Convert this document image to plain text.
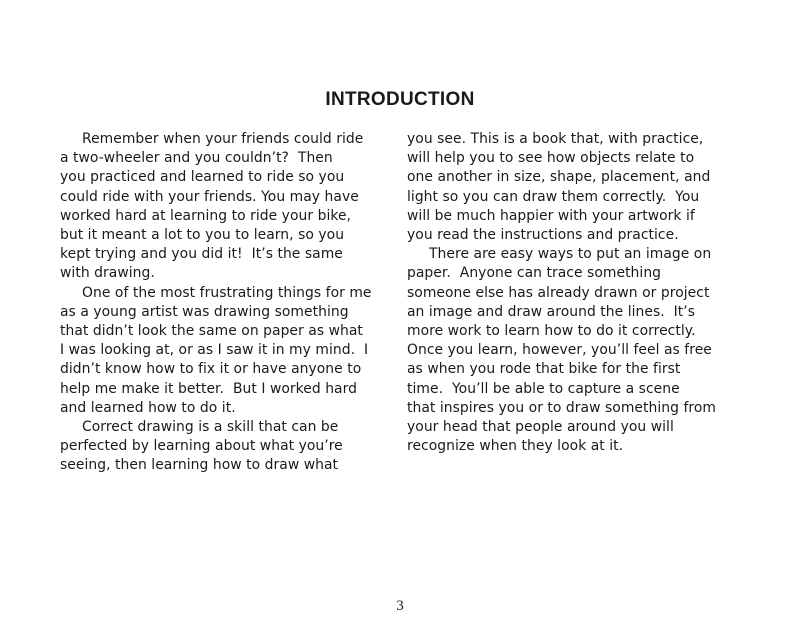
INTRODUCTION
Remember when your friends could ride
a two-wheeler and you couldn’t?  Then
you practiced and learned to ride so you
could ride with your friends. You may have
worked hard at learning to ride your bike,
but it meant a lot to you to learn, so you
kept trying and you did it!  It’s the same
with drawing.
One of the most frustrating things for me
as a young artist was drawing something
that didn’t look the same on paper as what
I was looking at, or as I saw it in my mind.  I
didn’t know how to fix it or have anyone to
help me make it better.  But I worked hard
and learned how to do it.
Correct drawing is a skill that can be
perfected by learning about what you’re
seeing, then learning how to draw what
you see. This is a book that, with practice,
will help you to see how objects relate to
one another in size, shape, placement, and
light so you can draw them correctly.  You
will be much happier with your artwork if
you read the instructions and practice.
There are easy ways to put an image on
paper.  Anyone can trace something
someone else has already drawn or project
an image and draw around the lines.  It’s
more work to learn how to do it correctly.
Once you learn, however, you’ll feel as free
as when you rode that bike for the first
time.  You’ll be able to capture a scene
that inspires you or to draw something from
your head that people around you will
recognize when they look at it.
3
